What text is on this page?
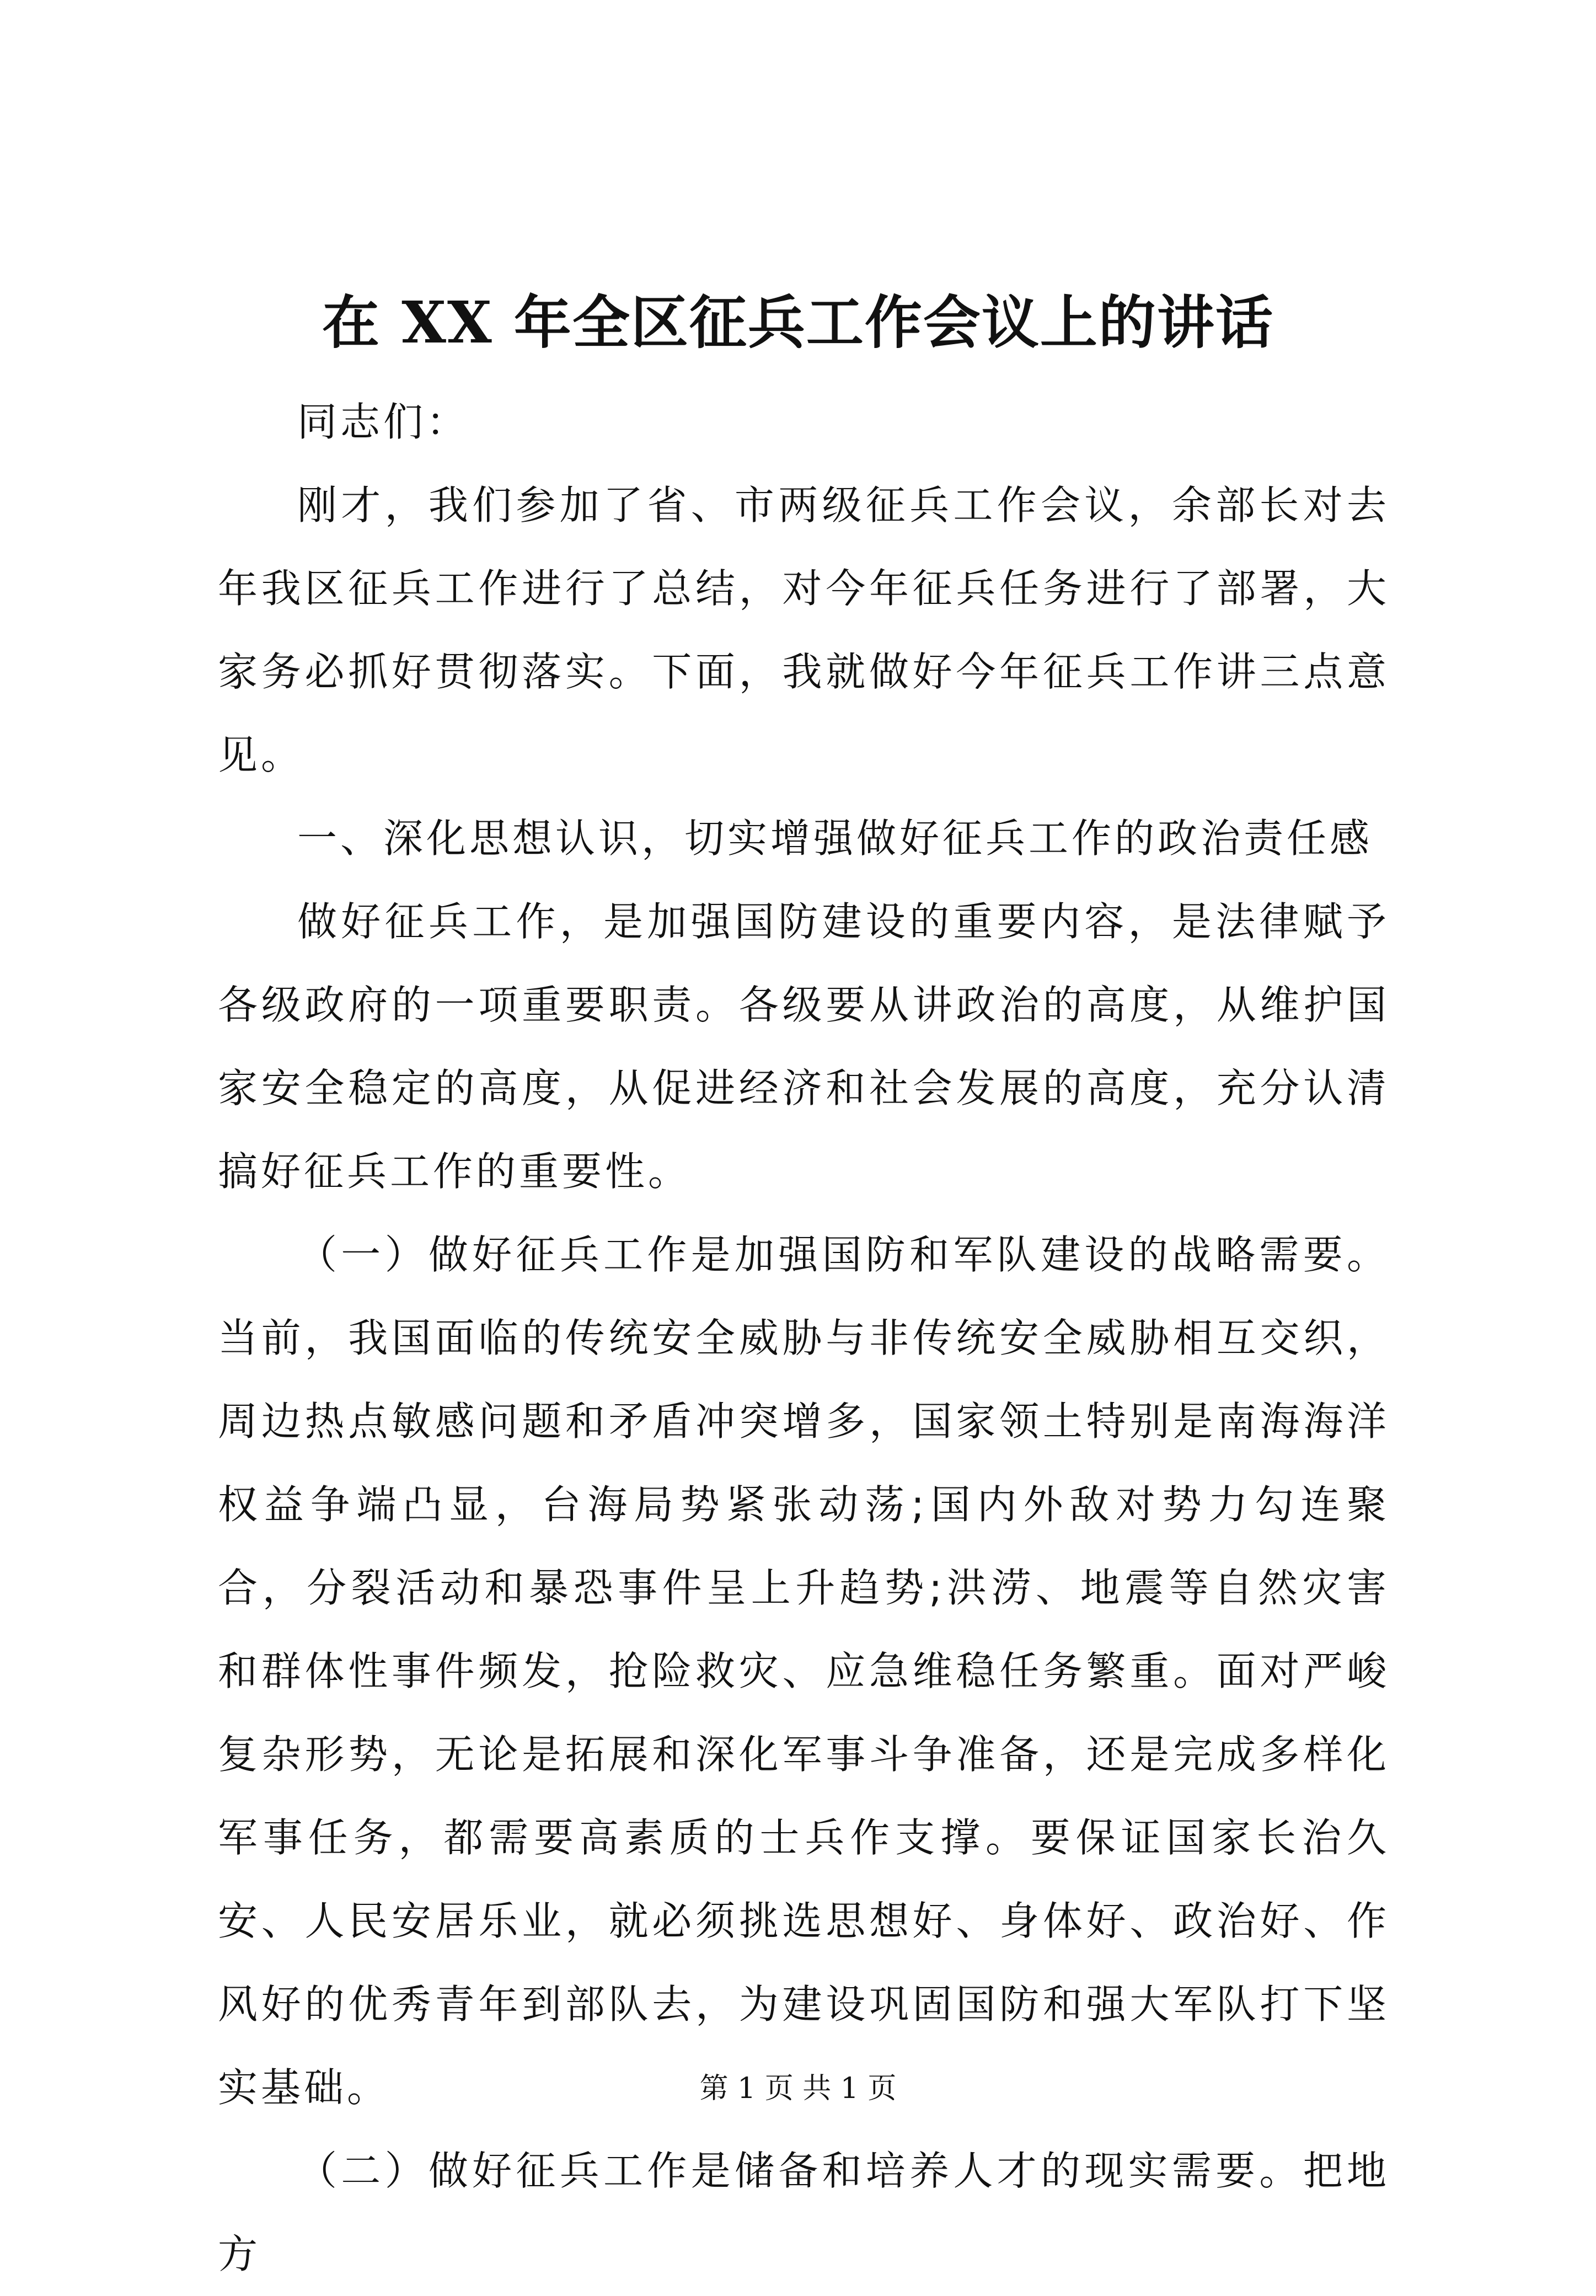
在 XX 年全区征兵工作会议上的讲话

同志们：

刚才，我们参加了省、市两级征兵工作会议，余部长对去年我区征兵工作进行了总结，对今年征兵任务进行了部署，大家务必抓好贯彻落实。下面，我就做好今年征兵工作讲三点意见。

一、深化思想认识，切实增强做好征兵工作的政治责任感

做好征兵工作，是加强国防建设的重要内容，是法律赋予各级政府的一项重要职责。各级要从讲政治的高度，从维护国家安全稳定的高度，从促进经济和社会发展的高度，充分认清搞好征兵工作的重要性。

（一）做好征兵工作是加强国防和军队建设的战略需要。当前，我国面临的传统安全威胁与非传统安全威胁相互交织，周边热点敏感问题和矛盾冲突增多，国家领土特别是南海海洋权益争端凸显，台海局势紧张动荡;国内外敌对势力勾连聚合，分裂活动和暴恐事件呈上升趋势;洪涝、地震等自然灾害和群体性事件频发，抢险救灾、应急维稳任务繁重。面对严峻复杂形势，无论是拓展和深化军事斗争准备，还是完成多样化军事任务，都需要高素质的士兵作支撑。要保证国家长治久安、人民安居乐业，就必须挑选思想好、身体好、政治好、作风好的优秀青年到部队去，为建设巩固国防和强大军队打下坚实基础。

（二）做好征兵工作是储备和培养人才的现实需要。把地方

第 1 页 共 1 页
